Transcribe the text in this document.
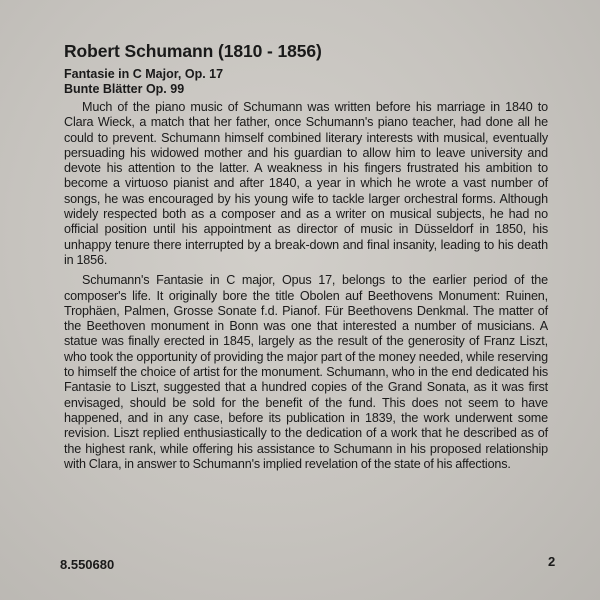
Robert Schumann (1810 - 1856)

Fantasie in C Major, Op. 17

Bunte Blätter Op. 99

Much of the piano music of Schumann was written before his marriage in 1840 to Clara Wieck, a match that her father, once Schumann's piano teacher, had done all he could to prevent. Schumann himself combined literary interests with musical, eventually persuading his widowed mother and his guardian to allow him to leave university and devote his attention to the latter. A weakness in his fingers frustrated his ambition to become a virtuoso pianist and after 1840, a year in which he wrote a vast number of songs, he was encouraged by his young wife to tackle larger orchestral forms. Although widely respected both as a composer and as a writer on musical subjects, he had no official position until his appointment as director of music in Düsseldorf in 1850, his unhappy tenure there interrupted by a break-down and final insanity, leading to his death in 1856.

Schumann's Fantasie in C major, Opus 17, belongs to the earlier period of the composer's life. It originally bore the title Obolen auf Beethovens Monument: Ruinen, Trophäen, Palmen, Grosse Sonate f.d. Pianof. Für Beethovens Denkmal. The matter of the Beethoven monument in Bonn was one that interested a number of musicians. A statue was finally erected in 1845, largely as the result of the generosity of Franz Liszt, who took the opportunity of providing the major part of the money needed, while reserving to himself the choice of artist for the monument. Schumann, who in the end dedicated his Fantasie to Liszt, suggested that a hundred copies of the Grand Sonata, as it was first envisaged, should be sold for the benefit of the fund. This does not seem to have happened, and in any case, before its publication in 1839, the work underwent some revision. Liszt replied enthusiastically to the dedication of a work that he described as of the highest rank, while offering his assistance to Schumann in his proposed relationship with Clara, in answer to Schumann's implied revelation of the state of his affections.

8.550680	2
